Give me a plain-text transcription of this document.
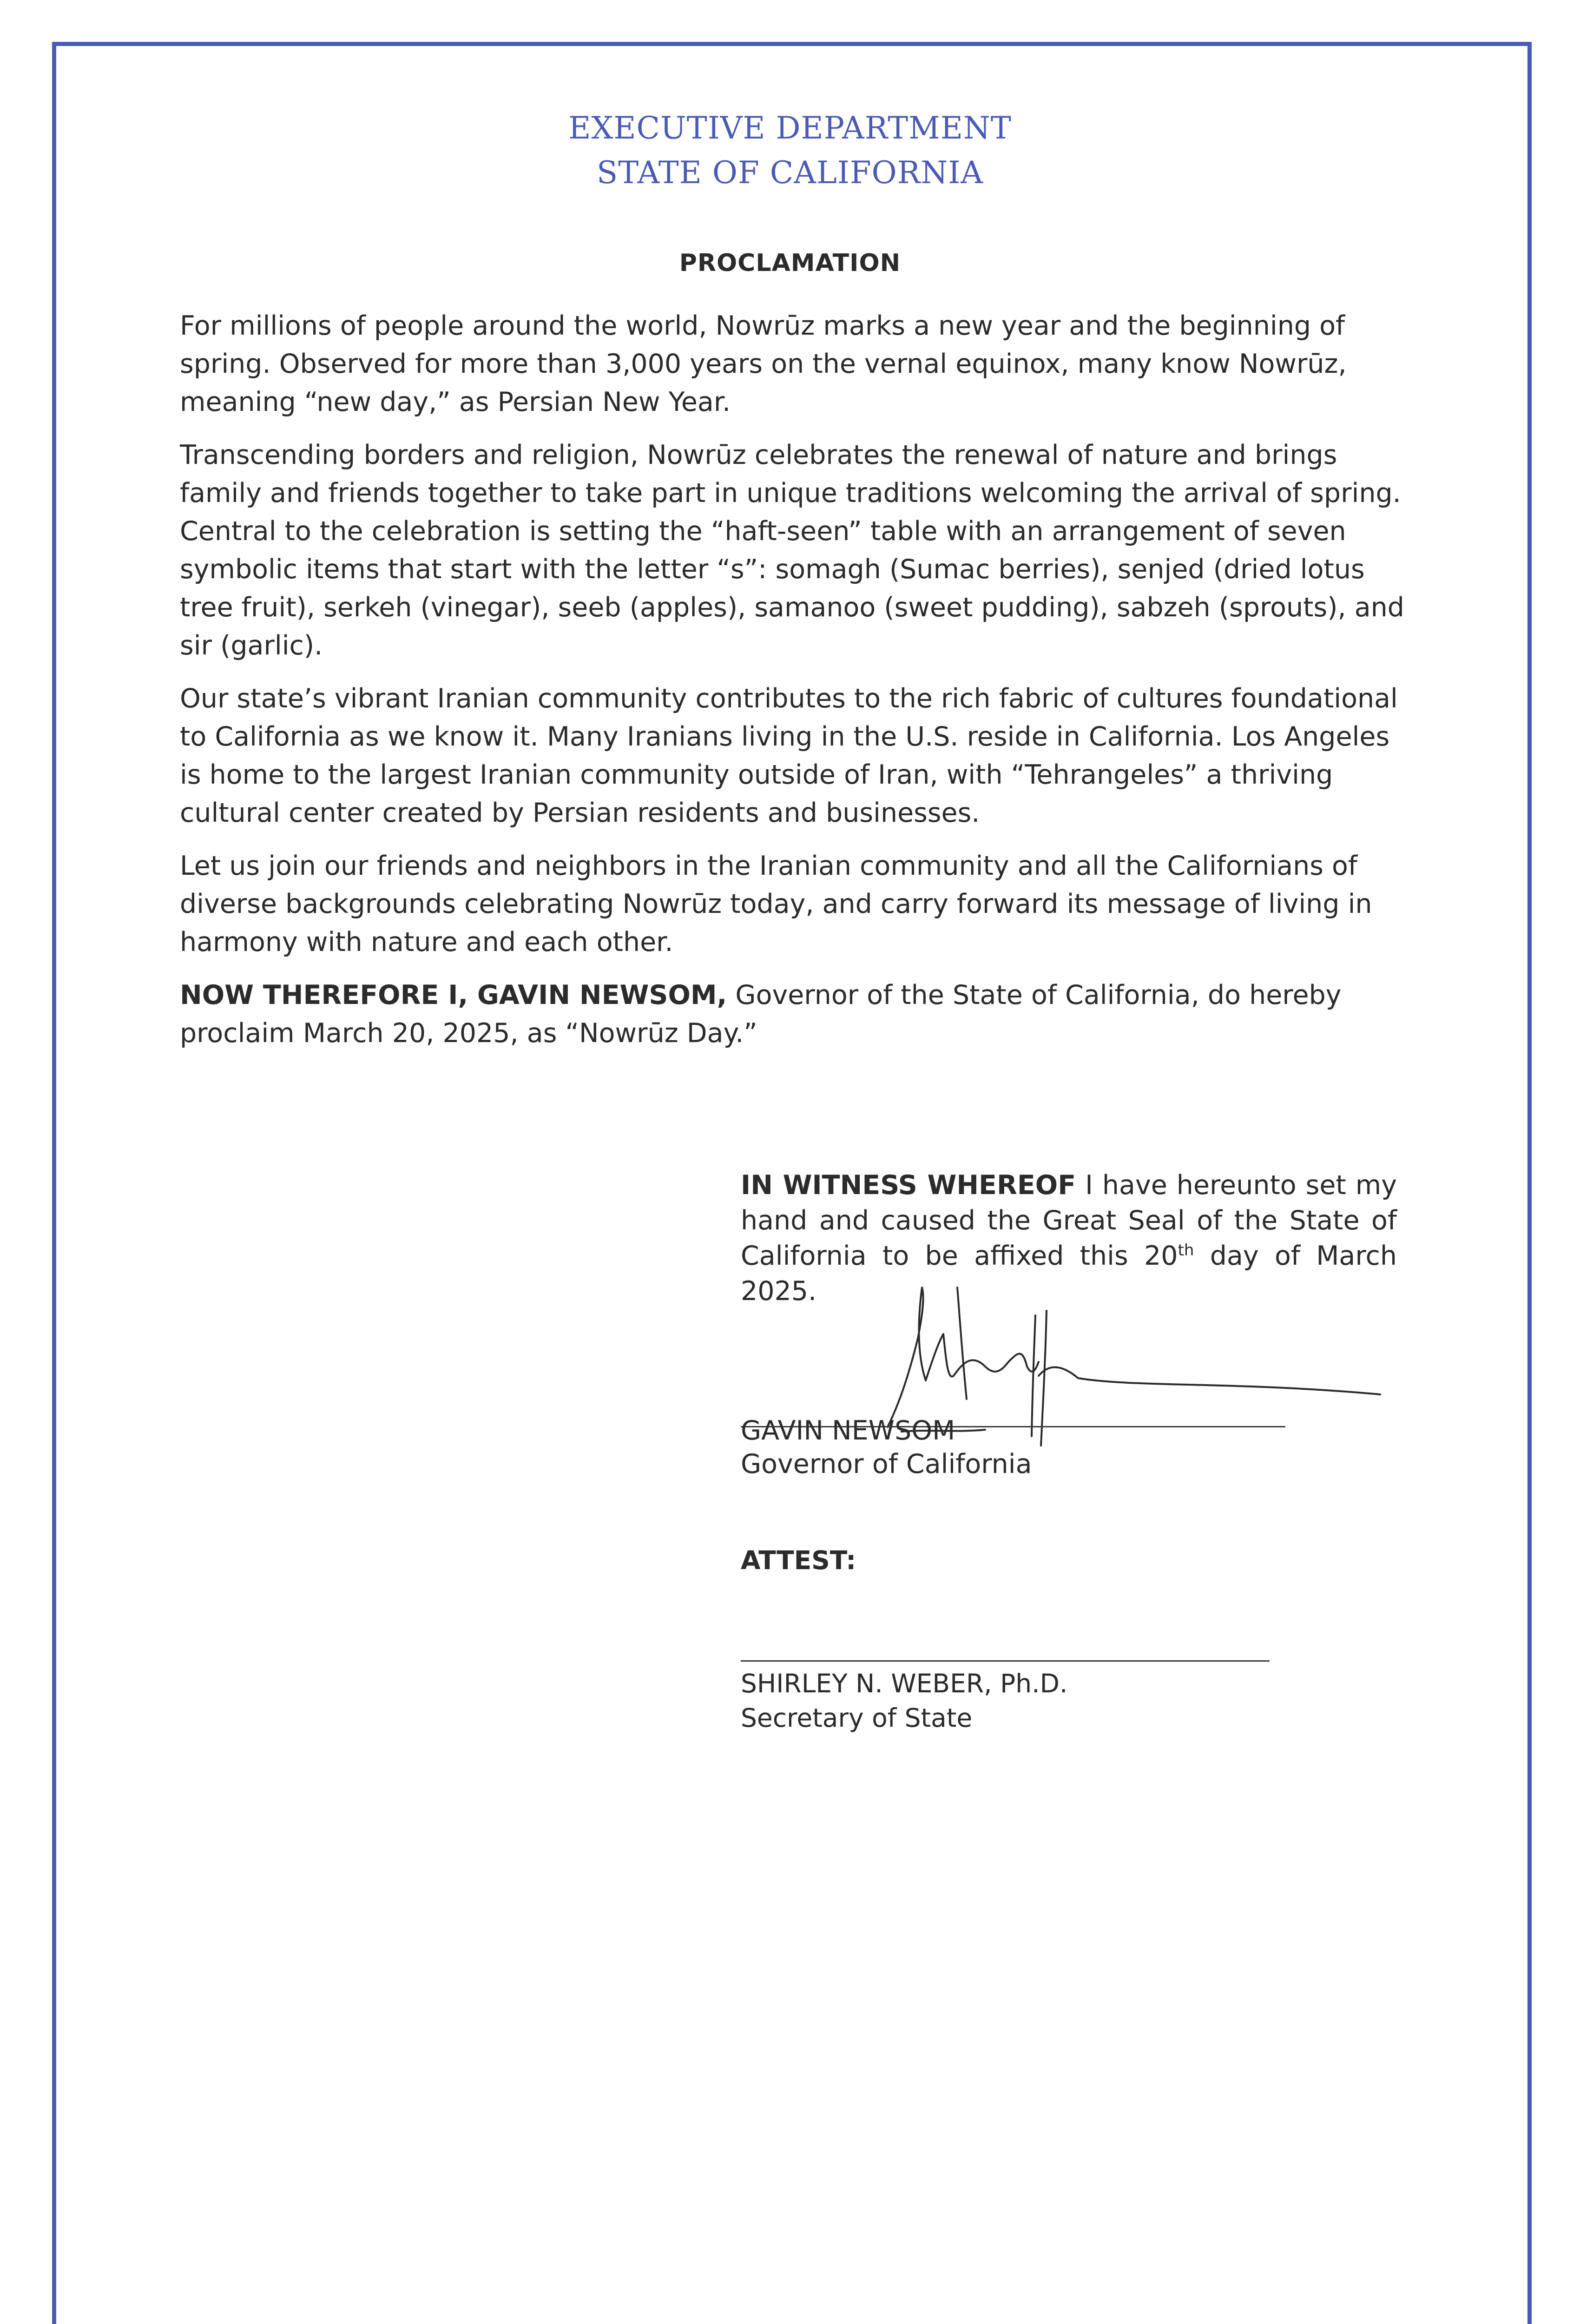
EXECUTIVE DEPARTMENT
STATE OF CALIFORNIA
PROCLAMATION

For millions of people around the world, Nowrūz marks a new year and the beginning of spring. Observed for more than 3,000 years on the vernal equinox, many know Nowrūz, meaning “new day,” as Persian New Year.

Transcending borders and religion, Nowrūz celebrates the renewal of nature and brings family and friends together to take part in unique traditions welcoming the arrival of spring. Central to the celebration is setting the “haft-seen” table with an arrangement of seven symbolic items that start with the letter “s”: somagh (Sumac berries), senjed (dried lotus tree fruit), serkeh (vinegar), seeb (apples), samanoo (sweet pudding), sabzeh (sprouts), and sir (garlic).

Our state’s vibrant Iranian community contributes to the rich fabric of cultures foundational to California as we know it. Many Iranians living in the U.S. reside in California. Los Angeles is home to the largest Iranian community outside of Iran, with “Tehrangeles” a thriving cultural center created by Persian residents and businesses.

Let us join our friends and neighbors in the Iranian community and all the Californians of diverse backgrounds celebrating Nowrūz today, and carry forward its message of living in harmony with nature and each other.

NOW THEREFORE I, GAVIN NEWSOM, Governor of the State of California, do hereby proclaim March 20, 2025, as “Nowrūz Day.”

IN WITNESS WHEREOF I have hereunto set my hand and caused the Great Seal of the State of California to be affixed this 20th day of March 2025.
GAVIN NEWSOM
Governor of California
ATTEST:
SHIRLEY N. WEBER, Ph.D.
Secretary of State
